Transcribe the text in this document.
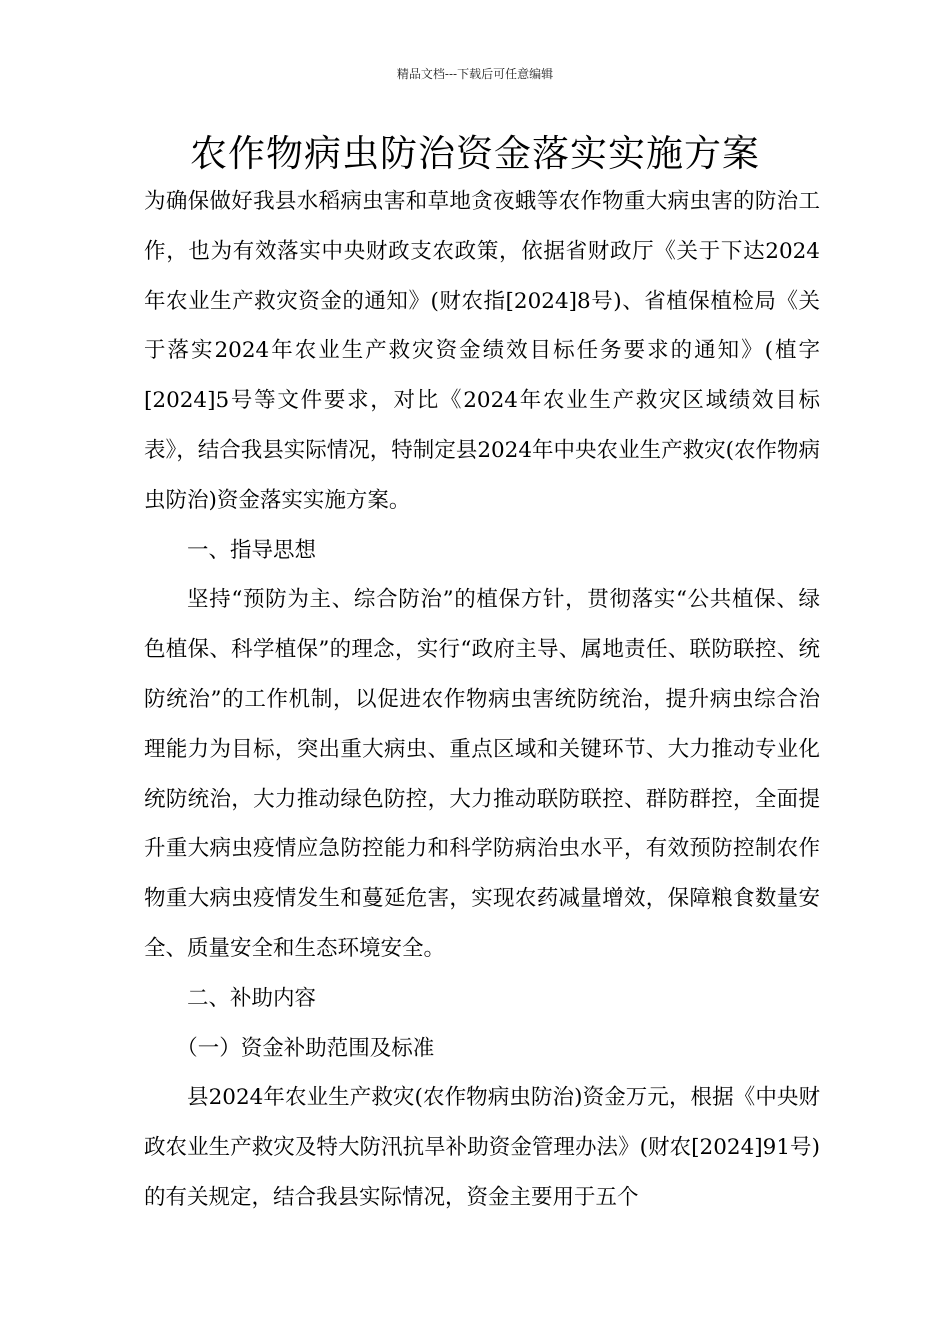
精品文档---下载后可任意编辑
农作物病虫防治资金落实实施方案

为确保做好我县水稻病虫害和草地贪夜蛾等农作物重大病虫害的防治工作，也为有效落实中央财政支农政策，依据省财政厅《关于下达2024年农业生产救灾资金的通知》(财农指[2024]8号)、省植保植检局《关于落实2024年农业生产救灾资金绩效目标任务要求的通知》(植字[2024]5号等文件要求，对比《2024年农业生产救灾区域绩效目标表》，结合我县实际情况，特制定县2024年中央农业生产救灾(农作物病虫防治)资金落实实施方案。

一、指导思想

坚持“预防为主、综合防治”的植保方针，贯彻落实“公共植保、绿色植保、科学植保”的理念，实行“政府主导、属地责任、联防联控、统防统治”的工作机制，以促进农作物病虫害统防统治，提升病虫综合治理能力为目标，突出重大病虫、重点区域和关键环节、大力推动专业化统防统治，大力推动绿色防控，大力推动联防联控、群防群控，全面提升重大病虫疫情应急防控能力和科学防病治虫水平，有效预防控制农作物重大病虫疫情发生和蔓延危害，实现农药减量增效，保障粮食数量安全、质量安全和生态环境安全。

二、补助内容

（一）资金补助范围及标准

县2024年农业生产救灾(农作物病虫防治)资金万元，根据《中央财政农业生产救灾及特大防汛抗旱补助资金管理办法》(财农[2024]91号)的有关规定，结合我县实际情况，资金主要用于五个
